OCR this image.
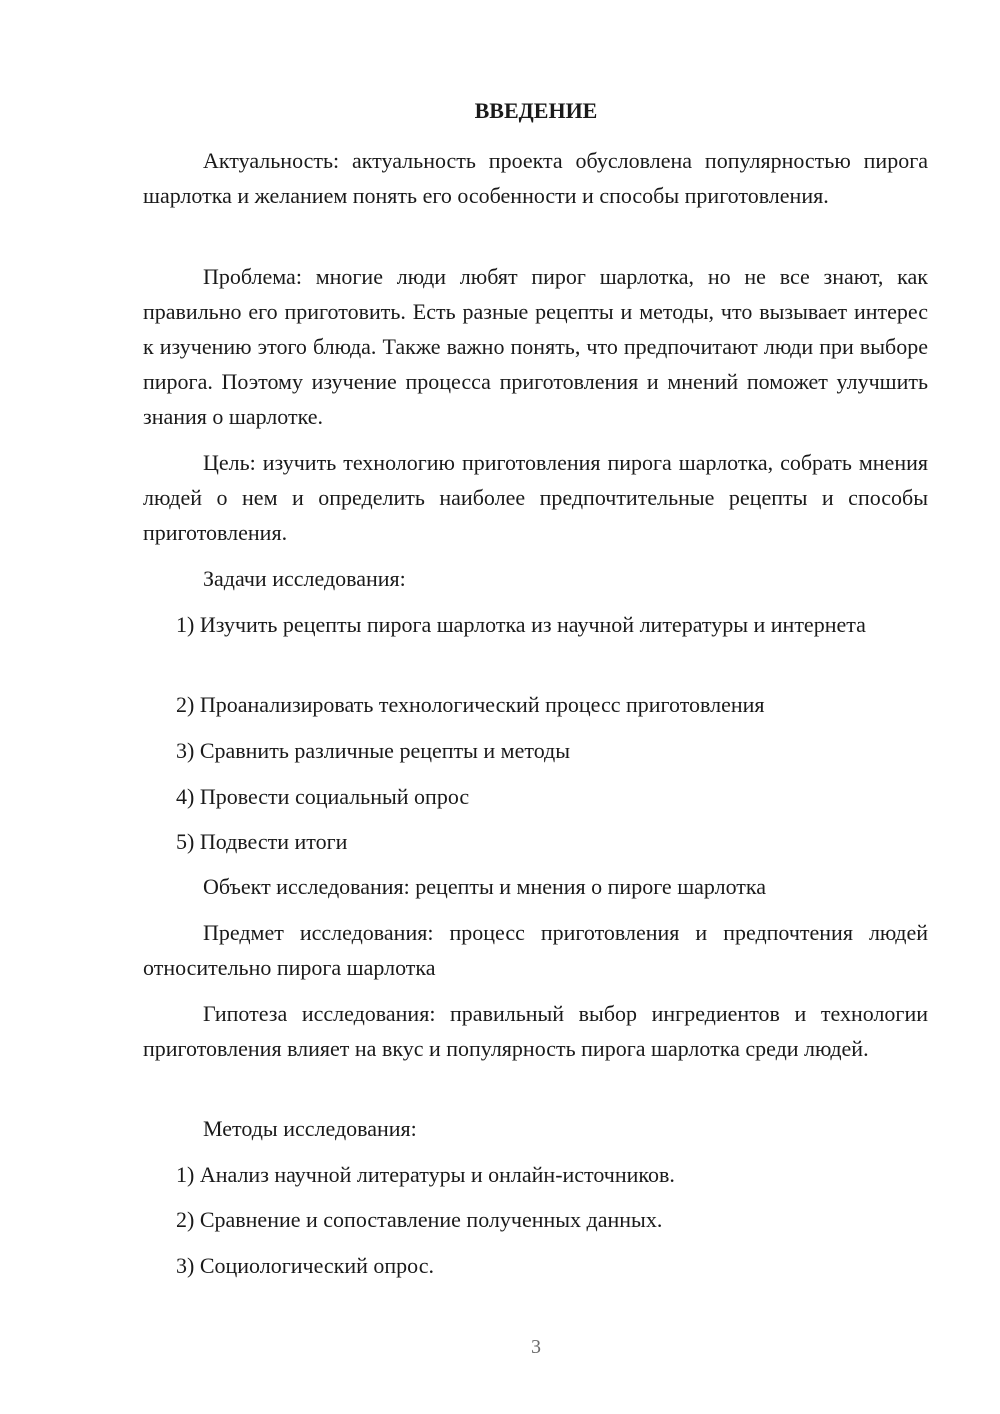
ВВЕДЕНИЕ

Актуальность: актуальность проекта обусловлена популярностью пирога шарлотка и желанием понять его особенности и способы приготовления.

Проблема: многие люди любят пирог шарлотка, но не все знают, как правильно его приготовить. Есть разные рецепты и методы, что вызывает интерес к изучению этого блюда. Также важно понять, что предпочитают люди при выборе пирога. Поэтому изучение процесса приготовления и мнений поможет улучшить знания о шарлотке.

Цель: изучить технологию приготовления пирога шарлотка, собрать мнения людей о нем и определить наиболее предпочтительные рецепты и способы приготовления.

Задачи исследования:

1) Изучить рецепты пирога шарлотка из научной литературы и интернета

2) Проанализировать технологический процесс приготовления

3) Сравнить различные рецепты и методы

4) Провести социальный опрос

5) Подвести итоги

Объект исследования: рецепты и мнения о пироге шарлотка

Предмет исследования: процесс приготовления и предпочтения людей относительно пирога шарлотка

Гипотеза исследования: правильный выбор ингредиентов и технологии приготовления влияет на вкус и популярность пирога шарлотка среди людей.

Методы исследования:

1) Анализ научной литературы и онлайн-источников.

2) Сравнение и сопоставление полученных данных.

3) Социологический опрос.

3
